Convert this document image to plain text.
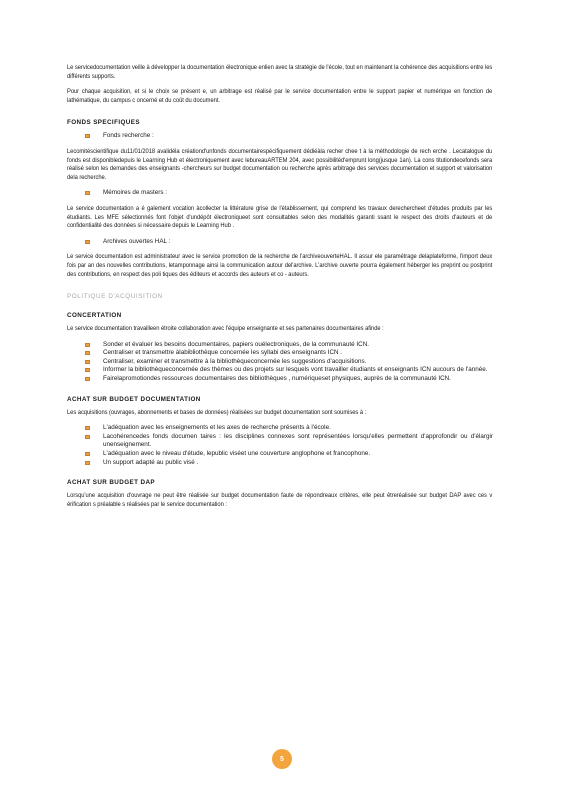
Le servicedocumentation veille à développer la documentation électronique enlien avec la stratégie de l'école, tout en maintenant la cohérence des acquisitions entre les différents supports.

Pour chaque acquisition, et si le choix se présent e, un arbitrage est réalisé par le service documentation entre le support papier et numérique en fonction de lathématique, du campus c oncerné et du coût du document.

FONDS SPECIFIQUES
Fonds recherche :

Lecomitéscientifique du11/01/2018 avalidéla créationd'unfonds documentairespécifiquement dédiéàla recher chee t à la méthodologie de rech erche . Lecatalogue du fonds est disponibledepuis le Learning Hub et électroniquement avec lebureauARTEM 204, avec possibilitéd'emprunt long(jusque 1an). La cons titutiondecefonds sera réalisé selon les demandes des enseignants -chercheurs sur budget documentation ou recherche après arbitrage des services documentation et support et valorisation dela recherche.

Mémoires de masters :

Le service documentation a é galement vocation àcollecter la littérature grise de l'établissement, qui comprend les travaux derechercheet d'études produits par les étudiants. Les MFE sélectionnés font l'objet d'undépôt électroniqueet sont consultables selon des modalités garanti ssant le respect des droits d'auteurs et de confidentialité des données si nécessaire depuis le Learning Hub .

Archives ouvertes HAL :

Le service documentation est administrateur avec le service promotion de la recherche de l'archiveouverteHAL. Il assur ele paramétrage delaplateforme, l'import deux fois par an des nouvelles contributions, letamponnage ainsi la communication autour del'archive. L'archive ouverte pourra également héberger les preprint ou postprint des contributions, en respect des poli tiques des éditeurs et accords des auteurs et co - auteurs.

POLITIQUE D'ACQUISITION
CONCERTATION

Le service documentation travailleen étroite collaboration avec l'équipe enseignante et ses partenaires documentaires afinde :

Sonder et évaluer les besoins documentaires, papiers ouélectroniques, de la communauté ICN.
Centraliser et transmettre àlabibliothèque concernée les syllabi des enseignants ICN .
Centraliser, examiner et transmettre à la bibliothèqueconcernée les suggestions d'acquisitions.
Informer la bibliothèqueconcernée des thèmes ou des projets sur lesquels vont travailler étudiants et enseignants ICN aucours de l'année.
Fairelapromotiondes ressources documentaires des bibliothèques , numériqueset physiques, auprès de la communauté ICN.
ACHAT SUR BUDGET DOCUMENTATION

Les acquisitions (ouvrages, abonnements et bases de données) réalisées sur budget documentation sont soumises à :

L'adéquation avec les enseignements et les axes de recherche présents à l'école.
Lacohérencedes fonds documen taires : les disciplines connexes sont représentées lorsqu'elles permettent d'approfondir ou d'élargir unenseignement.
L'adéquation avec le niveau d'étude, lepublic viséet une couverture anglophone et francophone.
Un support adapté au public visé .
ACHAT SUR BUDGET DAP

Lorsqu'une acquisition d'ouvrage ne peut être réalisée sur budget documentation faute de répondreaux critères, elle peut êtreréalisée sur budget DAP avec ces v érification s préalable s réalisées par le service documentation :

5
